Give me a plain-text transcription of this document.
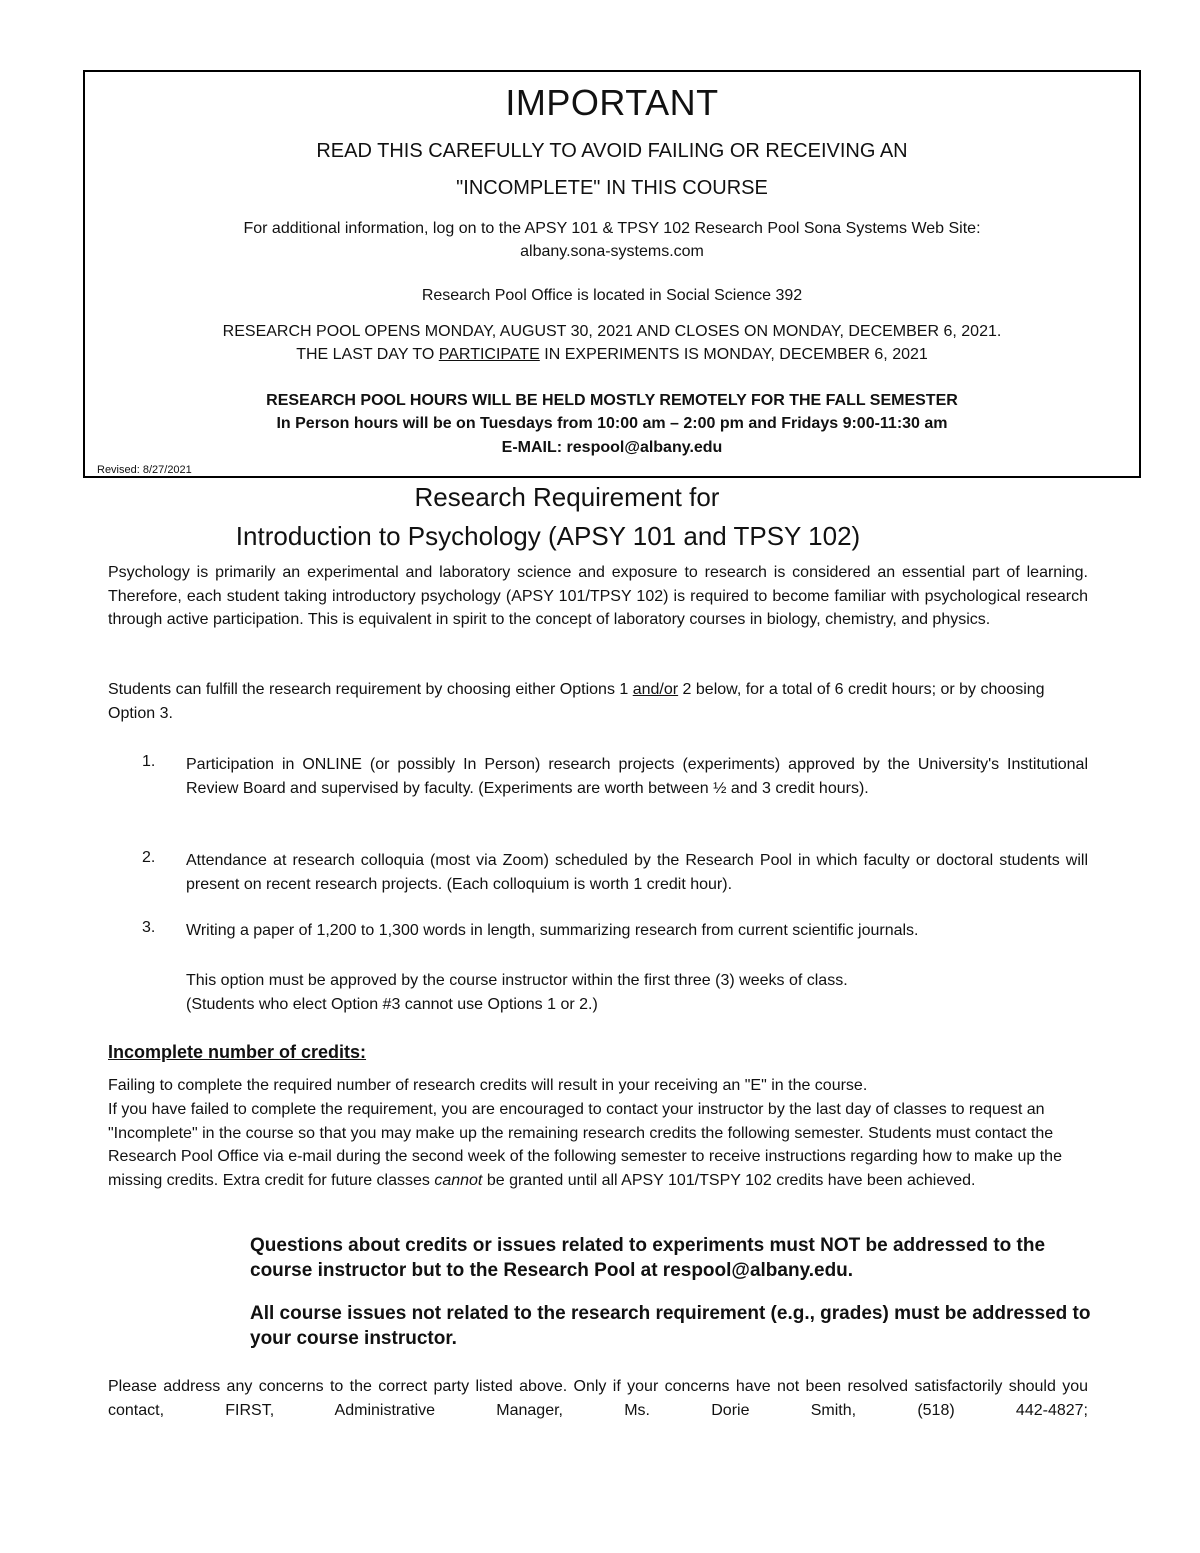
IMPORTANT
READ THIS CAREFULLY TO AVOID FAILING OR RECEIVING AN
"INCOMPLETE" IN THIS COURSE
For additional information, log on to the APSY 101 & TPSY 102 Research Pool Sona Systems Web Site:
albany.sona-systems.com
Research Pool Office is located in Social Science 392
RESEARCH POOL OPENS MONDAY, AUGUST 30, 2021 AND CLOSES ON MONDAY, DECEMBER 6, 2021.
THE LAST DAY TO PARTICIPATE IN EXPERIMENTS IS MONDAY, DECEMBER 6, 2021
RESEARCH POOL HOURS WILL BE HELD MOSTLY REMOTELY FOR THE FALL SEMESTER
In Person hours will be on Tuesdays from 10:00 am – 2:00 pm and Fridays 9:00-11:30 am
E-MAIL: respool@albany.edu
Revised: 8/27/2021
Research Requirement for
Introduction to Psychology (APSY 101 and TPSY 102)
Psychology is primarily an experimental and laboratory science and exposure to research is considered an essential part of learning. Therefore, each student taking introductory psychology (APSY 101/TPSY 102) is required to become familiar with psychological research through active participation. This is equivalent in spirit to the concept of laboratory courses in biology, chemistry, and physics.
Students can fulfill the research requirement by choosing either Options 1 and/or 2 below, for a total of 6 credit hours; or by choosing Option 3.
1. Participation in ONLINE (or possibly In Person) research projects (experiments) approved by the University's Institutional Review Board and supervised by faculty. (Experiments are worth between ½ and 3 credit hours).
2. Attendance at research colloquia (most via Zoom) scheduled by the Research Pool in which faculty or doctoral students will present on recent research projects. (Each colloquium is worth 1 credit hour).
3. Writing a paper of 1,200 to 1,300 words in length, summarizing research from current scientific journals.
This option must be approved by the course instructor within the first three (3) weeks of class.
(Students who elect Option #3 cannot use Options 1 or 2.)
Incomplete number of credits:
Failing to complete the required number of research credits will result in your receiving an "E" in the course.
If you have failed to complete the requirement, you are encouraged to contact your instructor by the last day of classes to request an "Incomplete" in the course so that you may make up the remaining research credits the following semester. Students must contact the Research Pool Office via e-mail during the second week of the following semester to receive instructions regarding how to make up the missing credits. Extra credit for future classes cannot be granted until all APSY 101/TSPY 102 credits have been achieved.
Questions about credits or issues related to experiments must NOT be addressed to the course instructor but to the Research Pool at respool@albany.edu.
All course issues not related to the research requirement (e.g., grades) must be addressed to your course instructor.
Please address any concerns to the correct party listed above. Only if your concerns have not been resolved satisfactorily should you contact, FIRST, Administrative Manager, Ms. Dorie Smith, (518) 442-4827;
